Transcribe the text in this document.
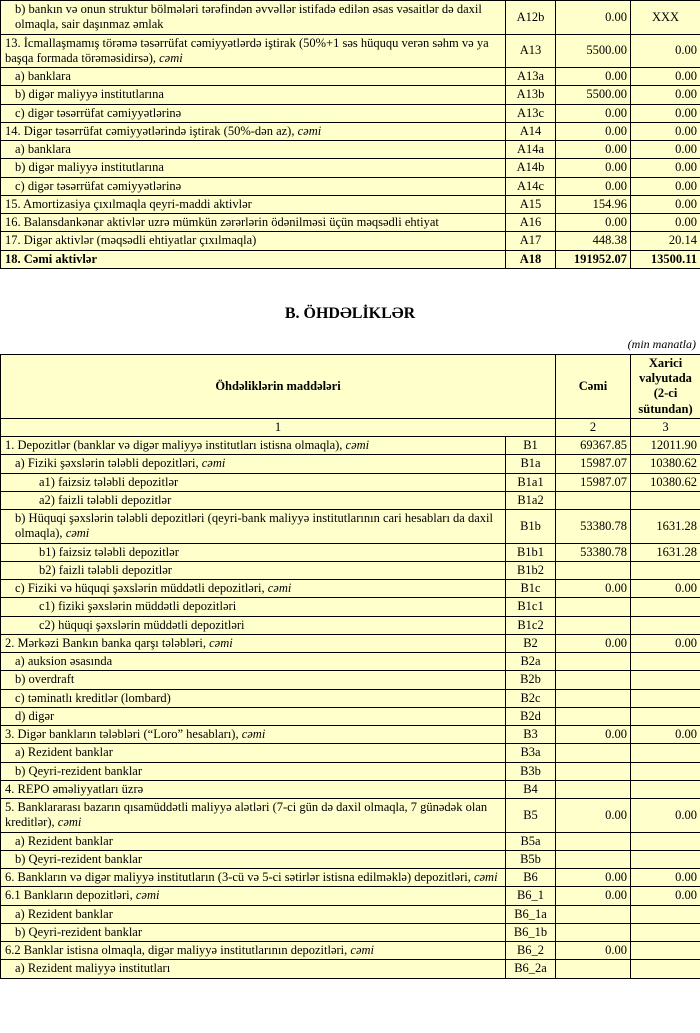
b) bankın və onun struktur bölmələri tərəfindən əvvəllər istifadə edilən əsas vəsaitlər də daxil olmaqla, sair daşınmaz əmlak	A12b	0.00	XXX
13. İcmallaşmamış törəmə təsərrüfat cəmiyyətlərdə iştirak (50%+1 səs hüququ verən səhm və ya başqa formada törəməsidirsə), cəmi	A13	5500.00	0.00
a) banklara	A13a	0.00	0.00
b) digər maliyyə institutlarına	A13b	5500.00	0.00
c) digər təsərrüfat cəmiyyətlərinə	A13c	0.00	0.00
14. Digər təsərrüfat cəmiyyətlərində iştirak (50%-dən az), cəmi	A14	0.00	0.00
a) banklara	A14a	0.00	0.00
b) digər maliyyə institutlarına	A14b	0.00	0.00
c) digər təsərrüfat cəmiyyətlərinə	A14c	0.00	0.00
15. Amortizasiya çıxılmaqla qeyri-maddi aktivlər	A15	154.96	0.00
16. Balansdankənar aktivlər uzrə mümkün zərərlərin ödənilməsi üçün məqsədli ehtiyat	A16	0.00	0.00
17. Digər aktivlər (məqsədli ehtiyatlar çıxılmaqla)	A17	448.38	20.14
18. Cəmi aktivlər	A18	191952.07	13500.11
B. ÖHDƏLİKLƏR
(min manatla)
Öhdəliklərin maddələri		Cəmi	Xarici valyutada (2-ci sütundan)
1		2	3
1. Depozitlər (banklar və digər maliyyə institutları istisna olmaqla), cəmi	B1	69367.85	12011.90
a) Fiziki şəxslərin tələbli depozitləri, cəmi	B1a	15987.07	10380.62
a1) faizsiz tələbli depozitlər	B1a1	15987.07	10380.62
a2) faizli tələbli depozitlər	B1a2		
b) Hüquqi şəxslərin tələbli depozitləri (qeyri-bank maliyyə institutlarının cari hesabları da daxil olmaqla), cəmi	B1b	53380.78	1631.28
b1) faizsiz tələbli depozitlər	B1b1	53380.78	1631.28
b2) faizli tələbli depozitlər	B1b2		
c) Fiziki və hüquqi şəxslərin müddətli depozitləri, cəmi	B1c	0.00	0.00
c1) fiziki şəxslərin müddətli depozitləri	B1c1		
c2) hüquqi şəxslərin müddətli depozitləri	B1c2		
2. Mərkəzi Bankın banka qarşı tələbləri, cəmi	B2	0.00	0.00
a) auksion əsasında	B2a		
b) overdraft	B2b		
c) təminatlı kreditlər (lombard)	B2c		
d) digər	B2d		
3. Digər bankların tələbləri (“Loro” hesabları), cəmi	B3	0.00	0.00
a) Rezident banklar	B3a		
b) Qeyri-rezident banklar	B3b		
4. REPO əməliyyatları üzrə	B4		
5. Banklararası bazarın qısamüddətli maliyyə alətləri (7-ci gün də daxil olmaqla, 7 günədək olan kreditlər), cəmi	B5	0.00	0.00
a) Rezident banklar	B5a		
b) Qeyri-rezident banklar	B5b		
6. Bankların və digər maliyyə institutların (3-cü və 5-ci sətirlər istisna edilməklə) depozitləri, cəmi	B6	0.00	0.00
6.1 Bankların depozitləri, cəmi	B6_1	0.00	0.00
a) Rezident banklar	B6_1a		
b) Qeyri-rezident banklar	B6_1b		
6.2 Banklar istisna olmaqla, digər maliyyə institutlarının depozitləri, cəmi	B6_2	0.00	
a) Rezident maliyyə institutları	B6_2a		
